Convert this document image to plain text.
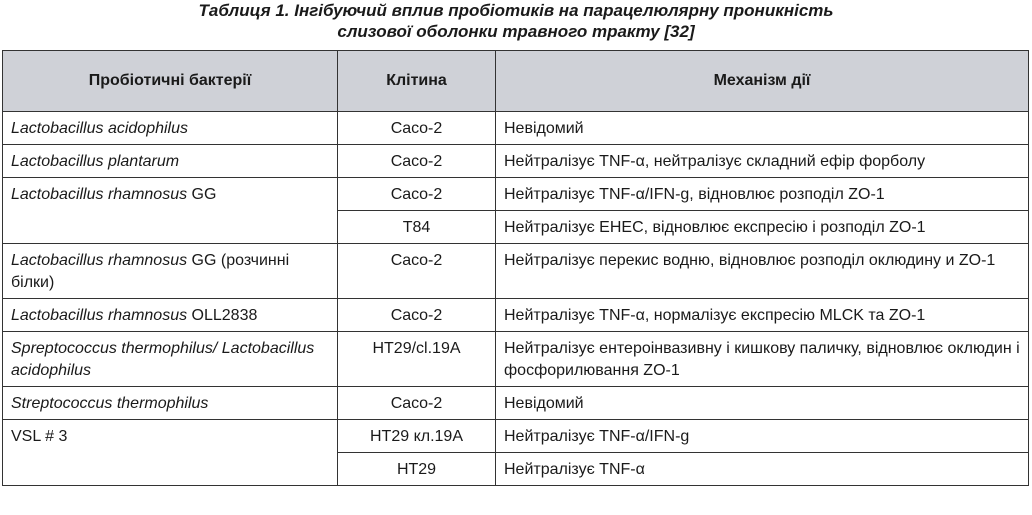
Таблиця 1. Інгібуючий вплив пробіотиків на парацелюлярну проникність
слизової оболонки травного тракту [32]
Пробіотичні бактерії	Клітина	Механізм дії
Lactobacillus acidophilus	Caco-2	Невідомий
Lactobacillus plantarum	Caco-2	Нейтралізує TNF-α, нейтралізує складний ефір форболу
Lactobacillus rhamnosus GG	Caco-2	Нейтралізує TNF-α/IFN-g, відновлює розподіл ZO-1
	T84	Нейтралізує EHEC, відновлює експресію і розподіл ZO-1
Lactobacillus rhamnosus GG (розчинні білки)	Caco-2	Нейтралізує перекис водню, відновлює розподіл оклюдину и ZO-1
Lactobacillus rhamnosus OLL2838	Caco-2	Нейтралізує TNF-α, нормалізує експресію MLCK та ZO-1
Spreptococcus thermophilus/ Lactobacillus acidophilus	HT29/cl.19A	Нейтралізує ентероінвазивну і кишкову паличку, відновлює оклюдин і фосфорилювання ZO-1
Streptococcus thermophilus	Caco-2	Невідомий
VSL # 3	HT29 кл.19A	Нейтралізує TNF-α/IFN-g
	HT29	Нейтралізує TNF-α
